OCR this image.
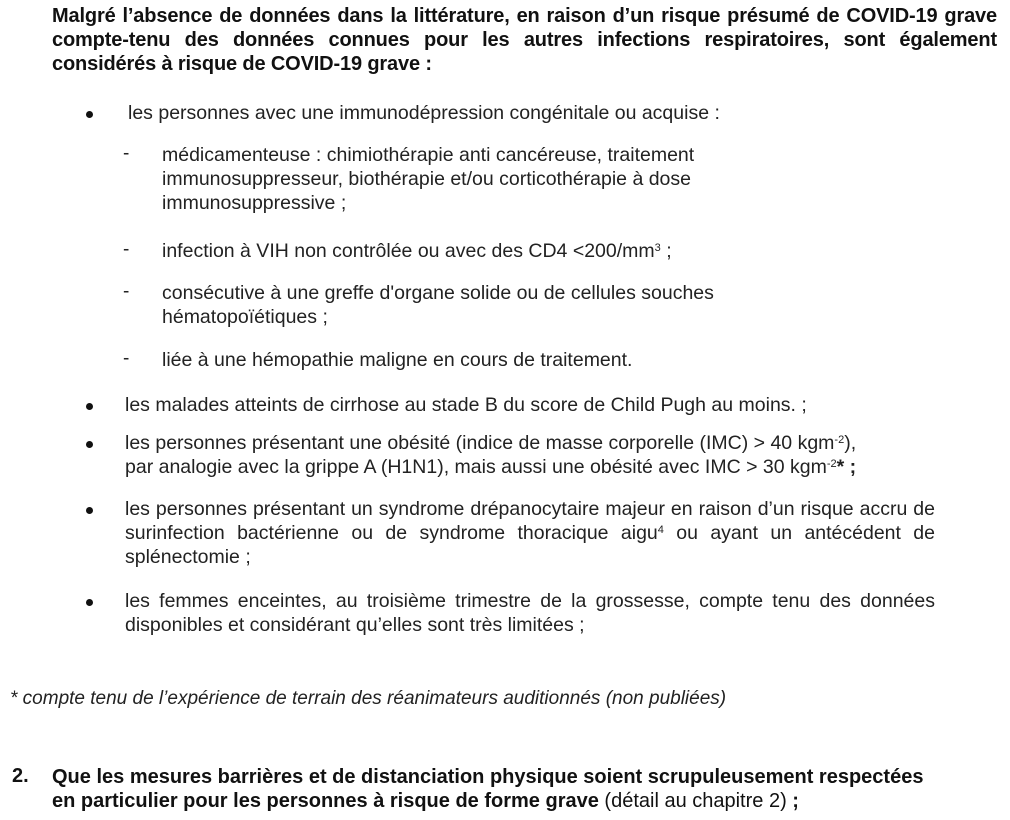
Malgré l’absence de données dans la littérature, en raison d’un risque présumé de COVID-19 grave compte-tenu des données connues pour les autres infections respiratoires, sont également considérés à risque de COVID-19 grave :
les personnes avec une immunodépression congénitale ou acquise :
- médicamenteuse : chimiothérapie anti cancéreuse, traitement immunosuppresseur, biothérapie et/ou corticothérapie à dose immunosuppressive ;
- infection à VIH non contrôlée ou avec des $CD4 <200/mm^3$ ;
- consécutive à une greffe d'organe solide ou de cellules souches hématopoïétiques ;
- liée à une hémopathie maligne en cours de traitement.
les malades atteints de cirrhose au stade B du score de Child Pugh au moins. ;
les personnes présentant une obésité (indice de masse corporelle (IMC) > 40 kgm$^{-2}$),
par analogie avec la grippe A (H1N1), mais aussi une obésité avec IMC > 30 kgm$^{-2}$* ;
les personnes présentant un syndrome drépanocytaire majeur en raison d’un risque accru de surinfection bactérienne ou de syndrome thoracique aigu$^4$ ou ayant un antécédent de splénectomie ;
les femmes enceintes, au troisième trimestre de la grossesse, compte tenu des données disponibles et considérant qu’elles sont très limitées ;
* compte tenu de l’expérience de terrain des réanimateurs auditionnés (non publiées)
2. Que les mesures barrières et de distanciation physique soient scrupuleusement respectées en particulier pour les personnes à risque de forme grave (détail au chapitre 2) ;
